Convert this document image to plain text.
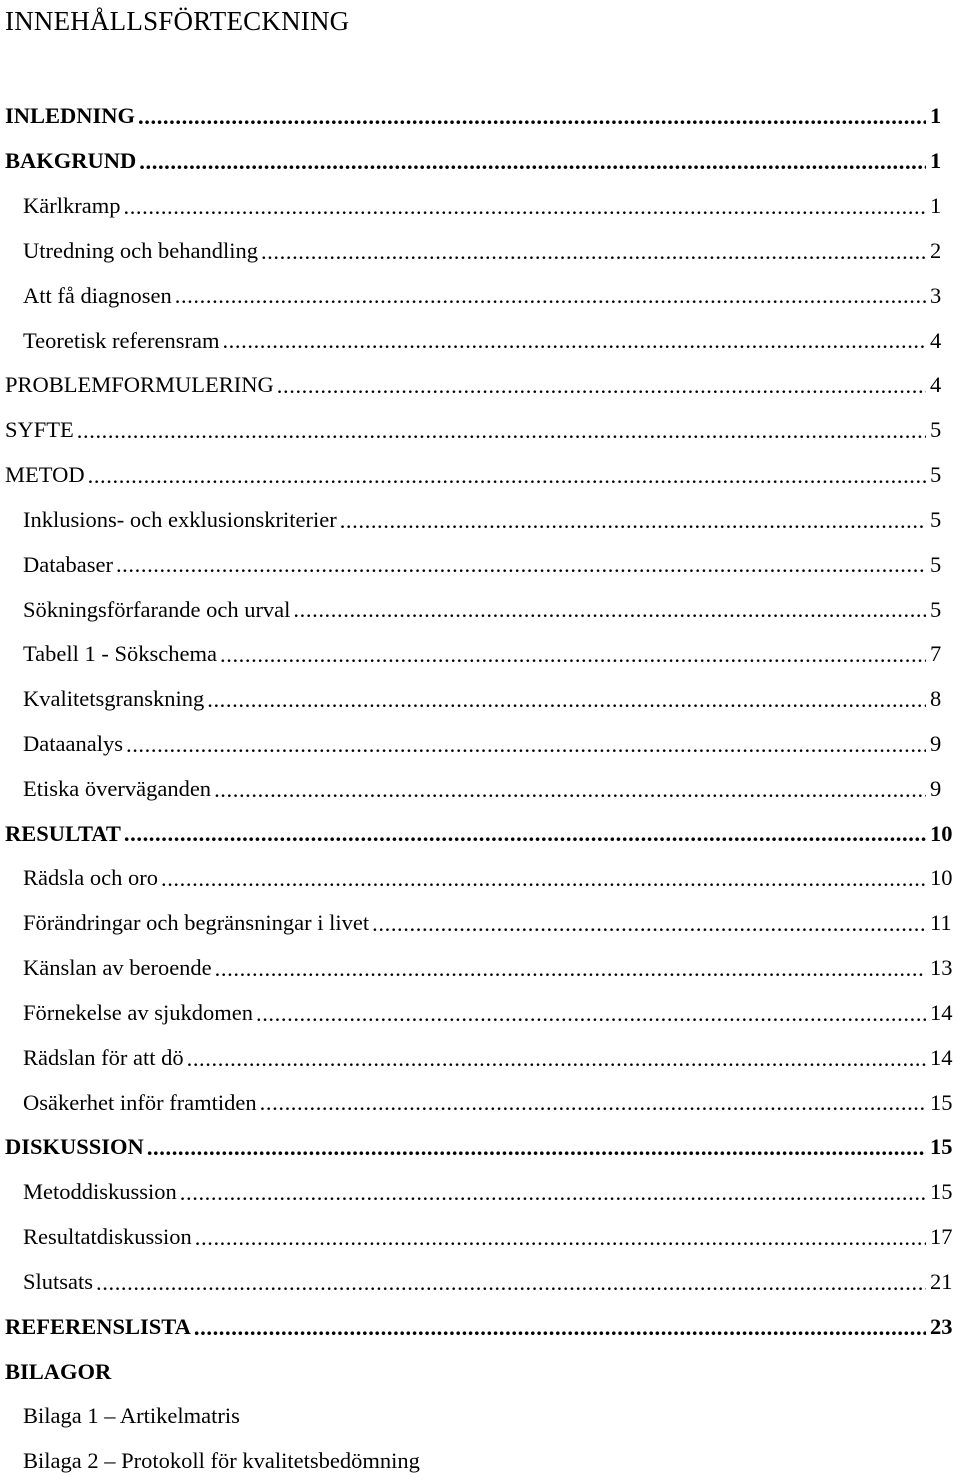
INNEHÅLLSFÖRTECKNING
INLEDNING .....	1
BAKGRUND .....	1
Kärlkramp .....	1
Utredning och behandling .....	2
Att få diagnosen .....	3
Teoretisk referensram .....	4
PROBLEMFORMULERING .....	4
SYFTE .....	5
METOD .....	5
Inklusions- och exklusionskriterier .....	5
Databaser .....	5
Sökningsförfarande och urval .....	5
Tabell 1 - Sökschema .....	7
Kvalitetsgranskning .....	8
Dataanalys .....	9
Etiska överväganden .....	9
RESULTAT .....	10
Rädsla och oro .....	10
Förändringar och begränsningar i livet .....	11
Känslan av beroende .....	13
Förnekelse av sjukdomen .....	14
Rädslan för att dö .....	14
Osäkerhet inför framtiden .....	15
DISKUSSION .....	15
Metoddiskussion .....	15
Resultatdiskussion .....	17
Slutsats .....	21
REFERENSLISTA .....	23
BILAGOR
Bilaga 1 – Artikelmatris
Bilaga 2 – Protokoll för kvalitetsbedömning
